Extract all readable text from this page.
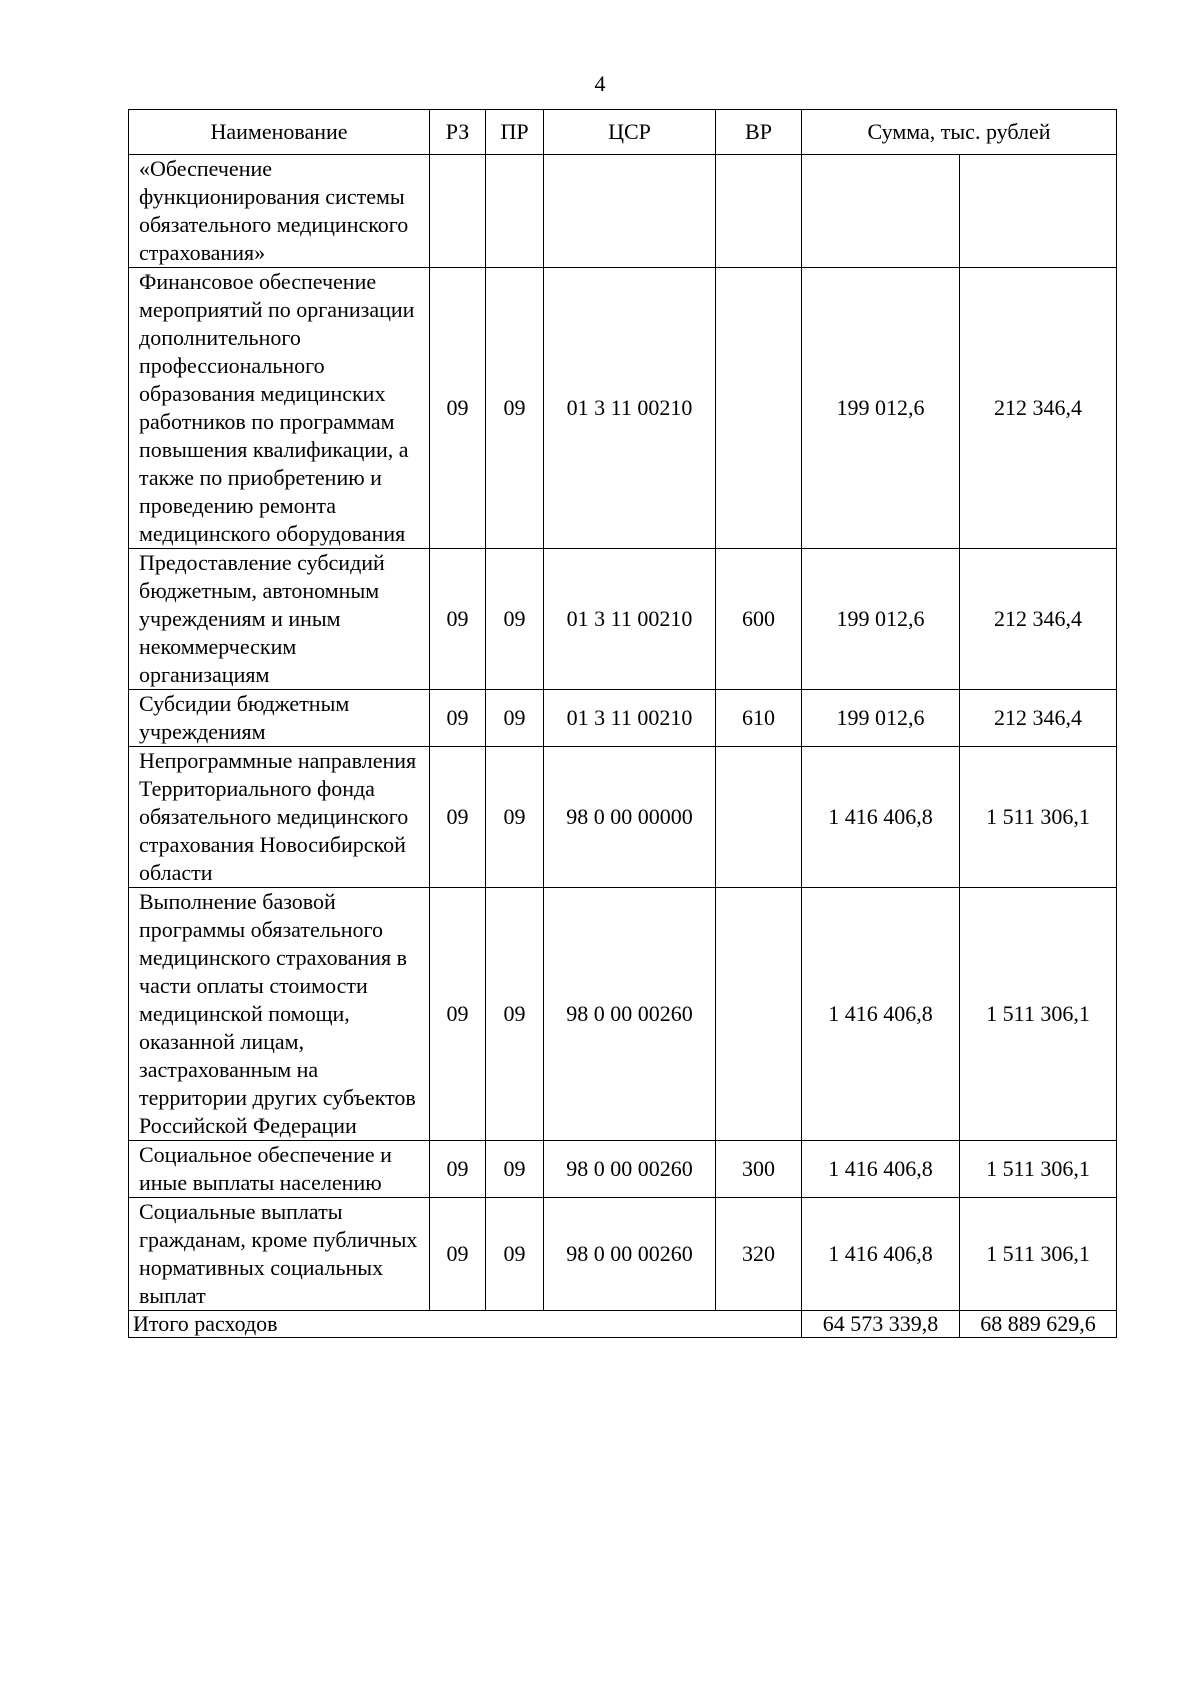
4
Наименование	РЗ	ПР	ЦСР	ВР	Сумма, тыс. рублей	
«Обеспечение функционирования системы обязательного медицинского страхования»						
Финансовое обеспечение мероприятий по организации дополнительного профессионального образования медицинских работников по программам повышения квалификации, а также по приобретению и проведению ремонта медицинского оборудования	09	09	01 3 11 00210		199 012,6	212 346,4
Предоставление субсидий бюджетным, автономным учреждениям и иным некоммерческим организациям	09	09	01 3 11 00210	600	199 012,6	212 346,4
Субсидии бюджетным учреждениям	09	09	01 3 11 00210	610	199 012,6	212 346,4
Непрограммные направления Территориального фонда обязательного медицинского страхования Новосибирской области	09	09	98 0 00 00000		1 416 406,8	1 511 306,1
Выполнение базовой программы обязательного медицинского страхования в части оплаты стоимости медицинской помощи, оказанной лицам, застрахованным на территории других субъектов Российской Федерации	09	09	98 0 00 00260		1 416 406,8	1 511 306,1
Социальное обеспечение и иные выплаты населению	09	09	98 0 00 00260	300	1 416 406,8	1 511 306,1
Социальные выплаты гражданам, кроме публичных нормативных социальных выплат	09	09	98 0 00 00260	320	1 416 406,8	1 511 306,1
Итого расходов					64 573 339,8	68 889 629,6
